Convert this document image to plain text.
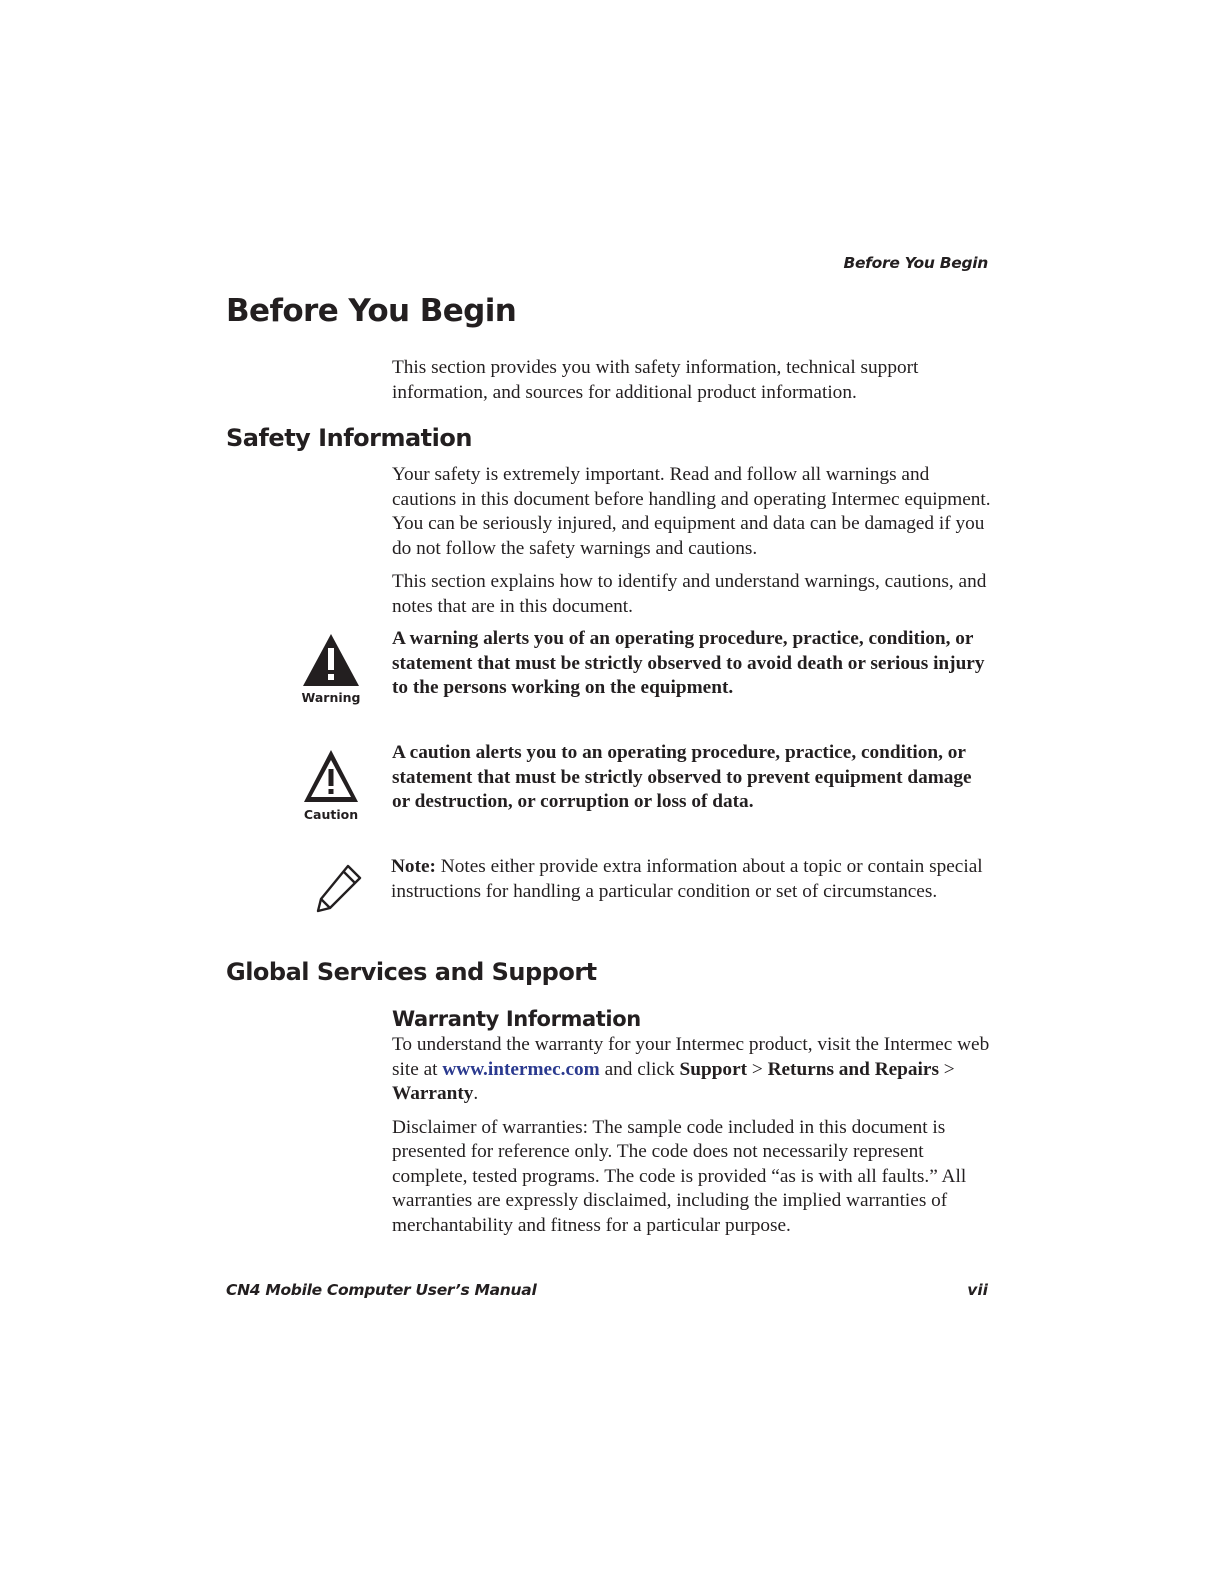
Before You Begin
Before You Begin

This section provides you with safety information, technical support information, and sources for additional product information.

Safety Information

Your safety is extremely important. Read and follow all warnings and cautions in this document before handling and operating Intermec equipment. You can be seriously injured, and equipment and data can be damaged if you do not follow the safety warnings and cautions.

This section explains how to identify and understand warnings, cautions, and notes that are in this document.

Warning
A warning alerts you of an operating procedure, practice, condition, or statement that must be strictly observed to avoid death or serious injury to the persons working on the equipment.
Caution
A caution alerts you to an operating procedure, practice, condition, or statement that must be strictly observed to prevent equipment damage or destruction, or corruption or loss of data.
Note: Notes either provide extra information about a topic or contain special instructions for handling a particular condition or set of circumstances.
Global Services and Support
Warranty Information

To understand the warranty for your Intermec product, visit the Intermec web site at www.intermec.com and click Support > Returns and Repairs > Warranty.

Disclaimer of warranties: The sample code included in this document is presented for reference only. The code does not necessarily represent complete, tested programs. The code is provided “as is with all faults.” All warranties are expressly disclaimed, including the implied warranties of merchantability and fitness for a particular purpose.

CN4 Mobile Computer User’s Manual	vii
